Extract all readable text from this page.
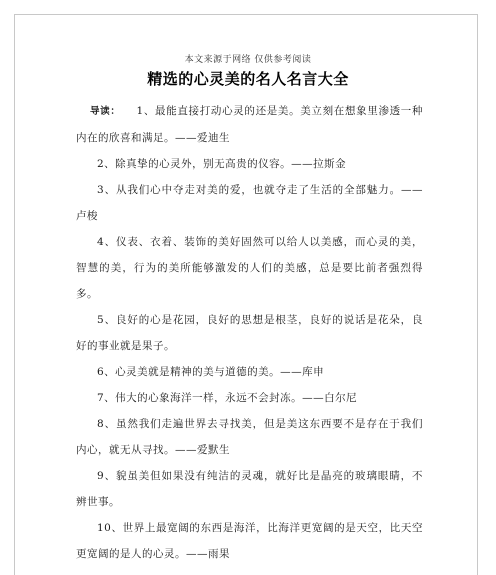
本文来源于网络 仅供参考阅读
精选的心灵美的名人名言大全

导读： 1、最能直接打动心灵的还是美。美立刻在想象里渗透一种内在的欣喜和满足。——爱迪生

2、除真挚的心灵外，别无高贵的仪容。——拉斯金

3、从我们心中夺走对美的爱，也就夺走了生活的全部魅力。——卢梭

4、仪表、衣着、装饰的美好固然可以给人以美感，而心灵的美，智慧的美，行为的美所能够激发的人们的美感，总是要比前者强烈得多。

5、良好的心是花园，良好的思想是根茎，良好的说话是花朵，良好的事业就是果子。

6、心灵美就是精神的美与道德的美。——库申

7、伟大的心象海洋一样，永远不会封冻。——白尔尼

8、虽然我们走遍世界去寻找美，但是美这东西要不是存在于我们内心，就无从寻找。——爱默生

9、貌虽美但如果没有纯洁的灵魂，就好比是晶亮的玻璃眼睛，不辨世事。

10、世界上最宽阔的东西是海洋，比海洋更宽阔的是天空，比天空更宽阔的是人的心灵。——雨果
